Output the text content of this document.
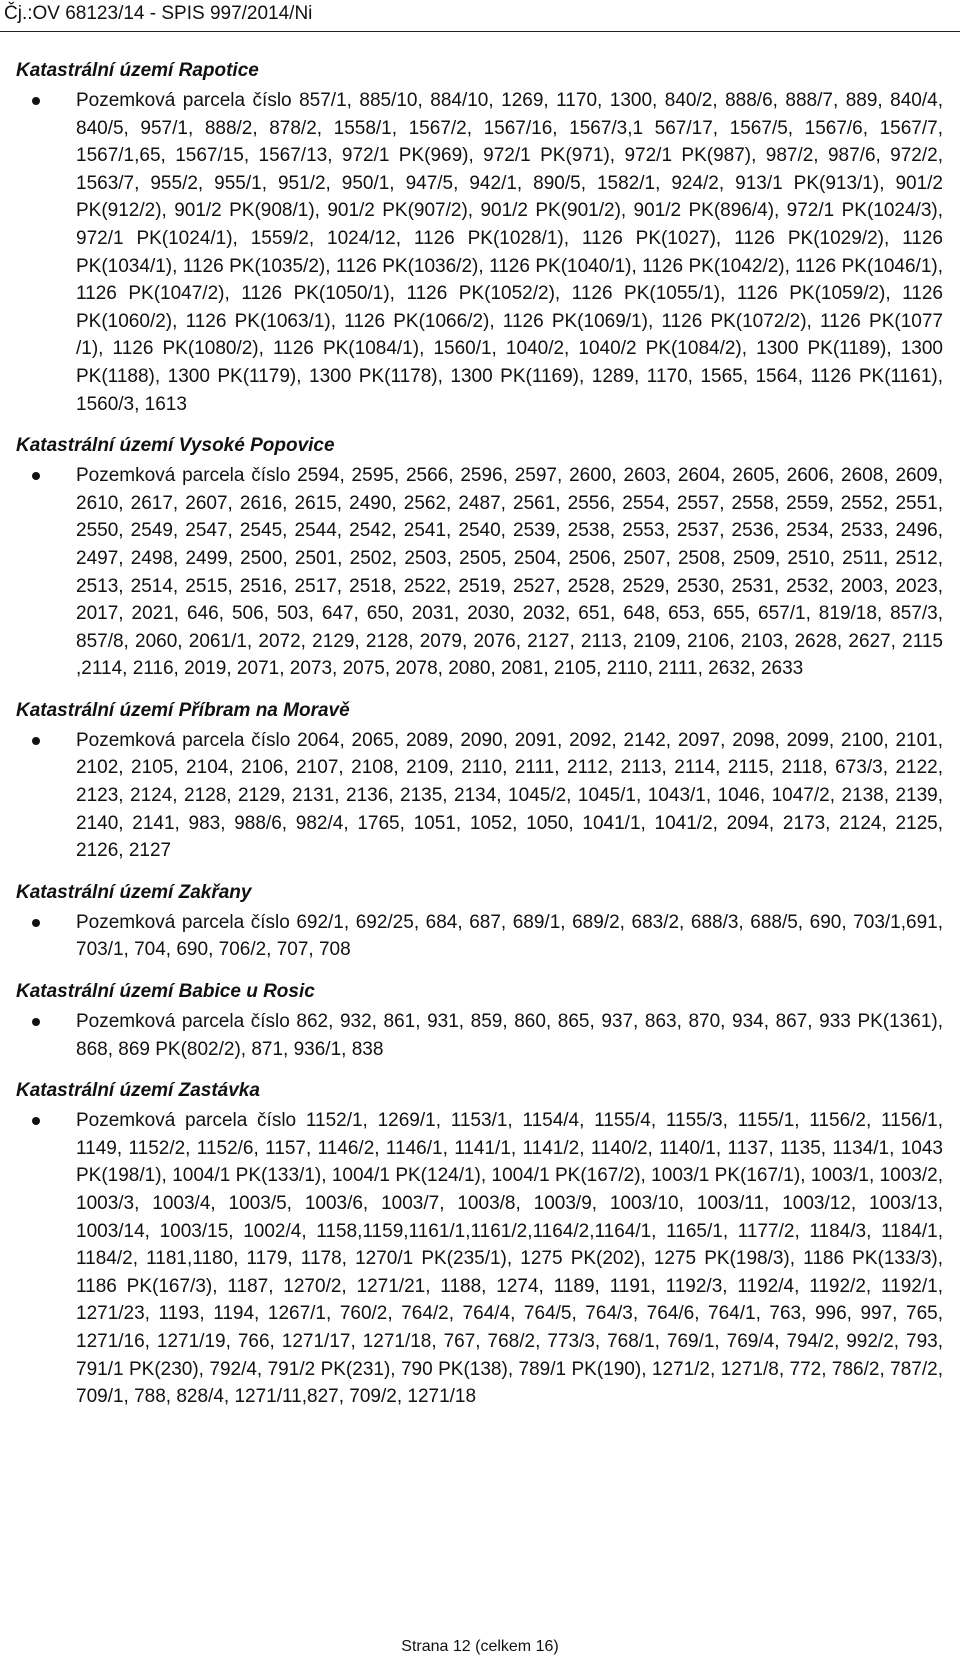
Čj.:OV 68123/14 - SPIS 997/2014/Ni
Katastrální území Rapotice
Pozemková parcela číslo 857/1, 885/10, 884/10, 1269, 1170, 1300, 840/2, 888/6, 888/7, 889, 840/4, 840/5, 957/1, 888/2, 878/2, 1558/1, 1567/2, 1567/16, 1567/3,1 567/17, 1567/5, 1567/6, 1567/7, 1567/1,65, 1567/15, 1567/13, 972/1 PK(969), 972/1 PK(971), 972/1 PK(987), 987/2, 987/6, 972/2, 1563/7, 955/2, 955/1, 951/2, 950/1, 947/5, 942/1, 890/5, 1582/1, 924/2, 913/1 PK(913/1), 901/2 PK(912/2), 901/2 PK(908/1), 901/2 PK(907/2), 901/2 PK(901/2), 901/2 PK(896/4), 972/1 PK(1024/3), 972/1 PK(1024/1), 1559/2, 1024/12, 1126 PK(1028/1), 1126 PK(1027), 1126 PK(1029/2), 1126 PK(1034/1), 1126 PK(1035/2), 1126 PK(1036/2), 1126 PK(1040/1), 1126 PK(1042/2), 1126 PK(1046/1), 1126 PK(1047/2), 1126 PK(1050/1), 1126 PK(1052/2), 1126 PK(1055/1), 1126 PK(1059/2), 1126 PK(1060/2), 1126 PK(1063/1), 1126 PK(1066/2), 1126 PK(1069/1), 1126 PK(1072/2), 1126 PK(1077 /1), 1126 PK(1080/2), 1126 PK(1084/1), 1560/1, 1040/2, 1040/2 PK(1084/2), 1300 PK(1189), 1300 PK(1188), 1300 PK(1179), 1300 PK(1178), 1300 PK(1169), 1289, 1170, 1565, 1564, 1126 PK(1161), 1560/3, 1613
Katastrální území Vysoké Popovice
Pozemková parcela číslo 2594, 2595, 2566, 2596, 2597, 2600, 2603, 2604, 2605, 2606, 2608, 2609, 2610, 2617, 2607, 2616, 2615, 2490, 2562, 2487, 2561, 2556, 2554, 2557, 2558, 2559, 2552, 2551, 2550, 2549, 2547, 2545, 2544, 2542, 2541, 2540, 2539, 2538, 2553, 2537, 2536, 2534, 2533, 2496, 2497, 2498, 2499, 2500, 2501, 2502, 2503, 2505, 2504, 2506, 2507, 2508, 2509, 2510, 2511, 2512, 2513, 2514, 2515, 2516, 2517, 2518, 2522, 2519, 2527, 2528, 2529, 2530, 2531, 2532, 2003, 2023, 2017, 2021, 646, 506, 503, 647, 650, 2031, 2030, 2032, 651, 648, 653, 655, 657/1, 819/18, 857/3, 857/8, 2060, 2061/1, 2072, 2129, 2128, 2079, 2076, 2127, 2113, 2109, 2106, 2103, 2628, 2627, 2115 ,2114, 2116, 2019, 2071, 2073, 2075, 2078, 2080, 2081, 2105, 2110, 2111, 2632, 2633
Katastrální území Příbram na Moravě
Pozemková parcela číslo 2064, 2065, 2089, 2090, 2091, 2092, 2142, 2097, 2098, 2099, 2100, 2101, 2102, 2105, 2104, 2106, 2107, 2108, 2109, 2110, 2111, 2112, 2113, 2114, 2115, 2118, 673/3, 2122, 2123, 2124, 2128, 2129, 2131, 2136, 2135, 2134, 1045/2, 1045/1, 1043/1, 1046, 1047/2, 2138, 2139, 2140, 2141, 983, 988/6, 982/4, 1765, 1051, 1052, 1050, 1041/1, 1041/2, 2094, 2173, 2124, 2125, 2126, 2127
Katastrální území Zakřany
Pozemková parcela číslo 692/1, 692/25, 684, 687, 689/1, 689/2, 683/2, 688/3, 688/5, 690, 703/1,691, 703/1, 704, 690, 706/2, 707, 708
Katastrální území Babice u Rosic
Pozemková parcela číslo 862, 932, 861, 931, 859, 860, 865, 937, 863, 870, 934, 867, 933 PK(1361), 868, 869 PK(802/2), 871, 936/1, 838
Katastrální území Zastávka
Pozemková parcela číslo 1152/1, 1269/1, 1153/1, 1154/4, 1155/4, 1155/3, 1155/1, 1156/2, 1156/1, 1149, 1152/2, 1152/6, 1157, 1146/2, 1146/1, 1141/1, 1141/2, 1140/2, 1140/1, 1137, 1135, 1134/1, 1043 PK(198/1), 1004/1 PK(133/1), 1004/1 PK(124/1), 1004/1 PK(167/2), 1003/1 PK(167/1), 1003/1, 1003/2, 1003/3, 1003/4, 1003/5, 1003/6, 1003/7, 1003/8, 1003/9, 1003/10, 1003/11, 1003/12, 1003/13, 1003/14, 1003/15, 1002/4, 1158,1159,1161/1,1161/2,1164/2,1164/1, 1165/1, 1177/2, 1184/3, 1184/1, 1184/2, 1181,1180, 1179, 1178, 1270/1 PK(235/1), 1275 PK(202), 1275 PK(198/3), 1186 PK(133/3), 1186 PK(167/3), 1187, 1270/2, 1271/21, 1188, 1274, 1189, 1191, 1192/3, 1192/4, 1192/2, 1192/1, 1271/23, 1193, 1194, 1267/1, 760/2, 764/2, 764/4, 764/5, 764/3, 764/6, 764/1, 763, 996, 997, 765, 1271/16, 1271/19, 766, 1271/17, 1271/18, 767, 768/2, 773/3, 768/1, 769/1, 769/4, 794/2, 992/2, 793, 791/1 PK(230), 792/4, 791/2 PK(231), 790 PK(138), 789/1 PK(190), 1271/2, 1271/8, 772, 786/2, 787/2, 709/1, 788, 828/4, 1271/11,827, 709/2, 1271/18
Strana 12 (celkem 16)
